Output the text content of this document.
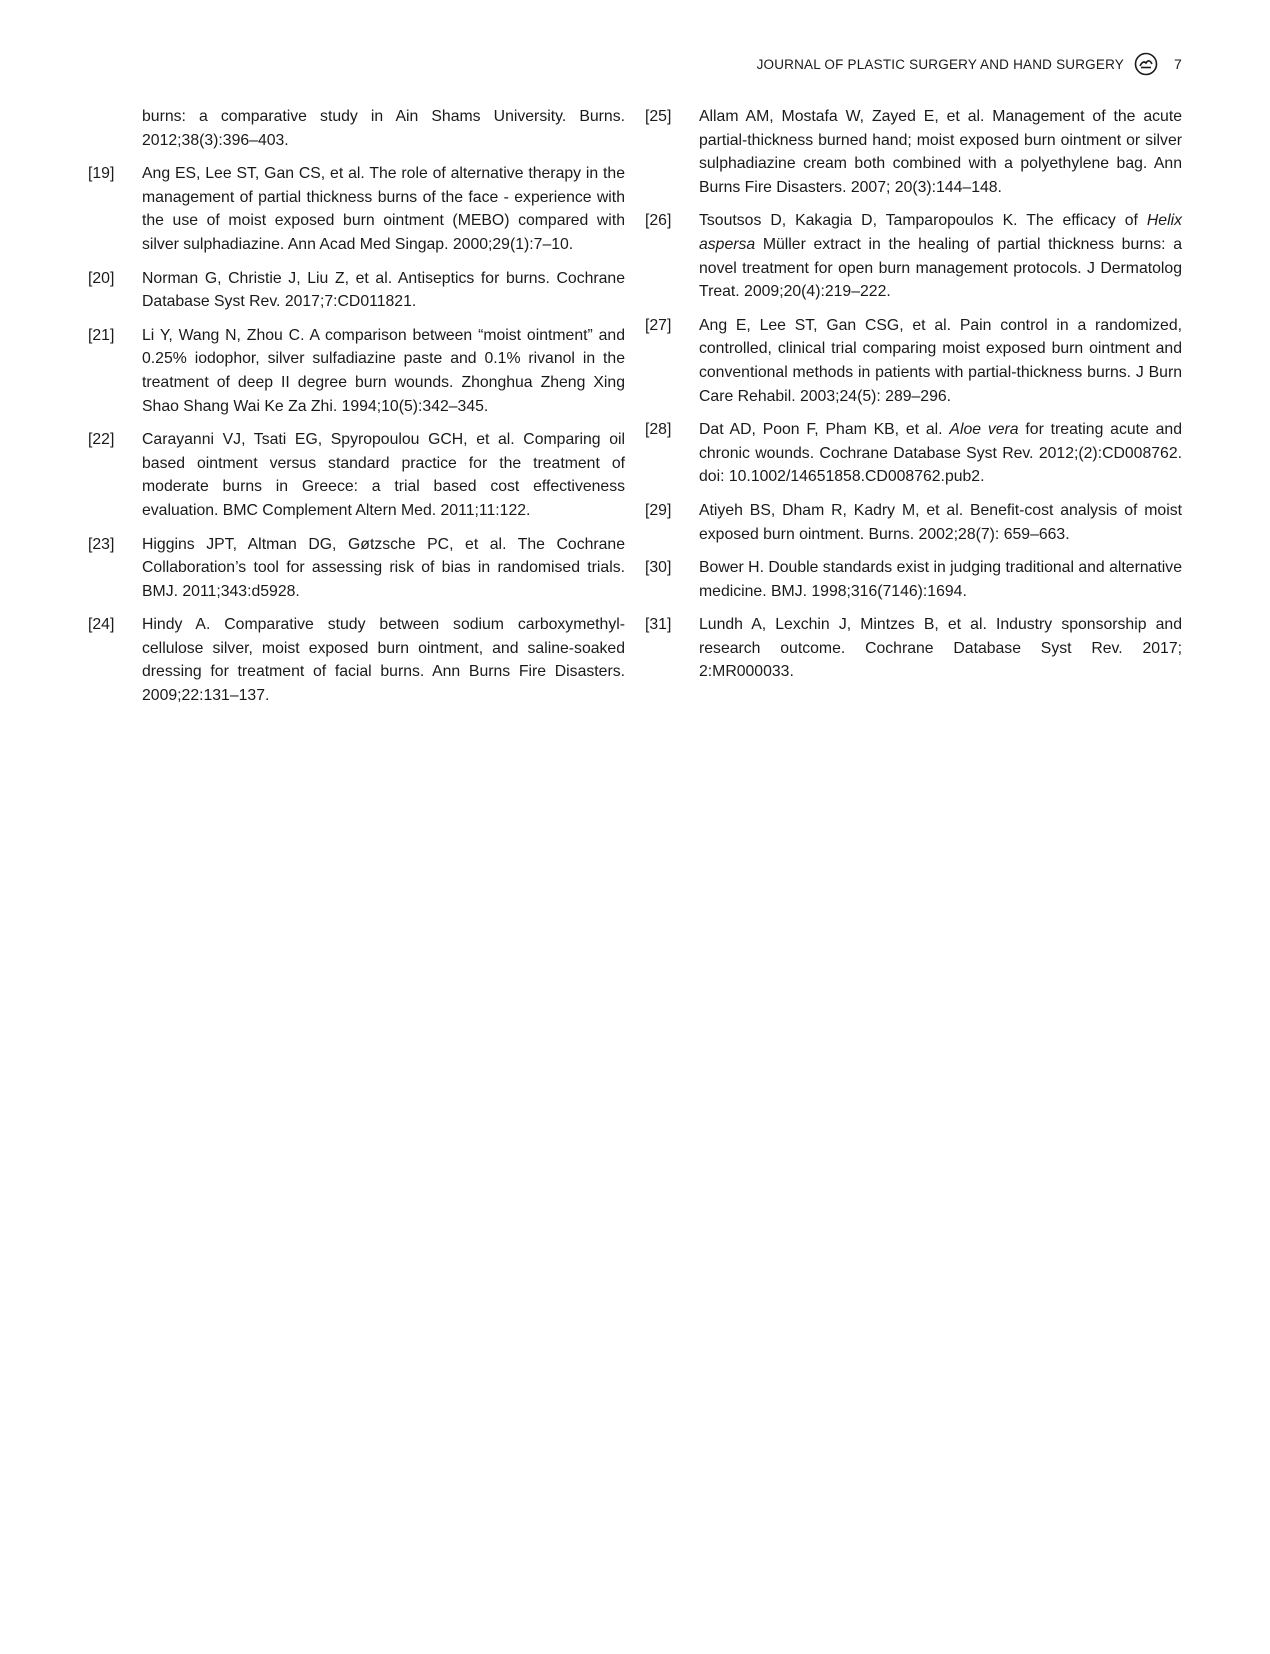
JOURNAL OF PLASTIC SURGERY AND HAND SURGERY	7
burns: a comparative study in Ain Shams University. Burns. 2012;38(3):396–403.
[19]	Ang ES, Lee ST, Gan CS, et al. The role of alternative therapy in the management of partial thickness burns of the face - experience with the use of moist exposed burn ointment (MEBO) compared with silver sulphadiazine. Ann Acad Med Singap. 2000;29(1):7–10.
[20]	Norman G, Christie J, Liu Z, et al. Antiseptics for burns. Cochrane Database Syst Rev. 2017;7:CD011821.
[21]	Li Y, Wang N, Zhou C. A comparison between “moist ointment” and 0.25% iodophor, silver sulfadiazine paste and 0.1% rivanol in the treatment of deep II degree burn wounds. Zhonghua Zheng Xing Shao Shang Wai Ke Za Zhi. 1994;10(5):342–345.
[22]	Carayanni VJ, Tsati EG, Spyropoulou GCH, et al. Comparing oil based ointment versus standard practice for the treatment of moderate burns in Greece: a trial based cost effectiveness evaluation. BMC Complement Altern Med. 2011;11:122.
[23]	Higgins JPT, Altman DG, Gøtzsche PC, et al. The Cochrane Collaboration’s tool for assessing risk of bias in randomised trials. BMJ. 2011;343:d5928.
[24]	Hindy A. Comparative study between sodium carboxymethyl-cellulose silver, moist exposed burn ointment, and saline-soaked dressing for treatment of facial burns. Ann Burns Fire Disasters. 2009;22:131–137.
[25]	Allam AM, Mostafa W, Zayed E, et al. Management of the acute partial-thickness burned hand; moist exposed burn ointment or silver sulphadiazine cream both combined with a polyethylene bag. Ann Burns Fire Disasters. 2007; 20(3):144–148.
[26]	Tsoutsos D, Kakagia D, Tamparopoulos K. The efficacy of Helix aspersa Müller extract in the healing of partial thickness burns: a novel treatment for open burn management protocols. J Dermatolog Treat. 2009;20(4):219–222.
[27]	Ang E, Lee ST, Gan CSG, et al. Pain control in a randomized, controlled, clinical trial comparing moist exposed burn ointment and conventional methods in patients with partial-thickness burns. J Burn Care Rehabil. 2003;24(5): 289–296.
[28]	Dat AD, Poon F, Pham KB, et al. Aloe vera for treating acute and chronic wounds. Cochrane Database Syst Rev. 2012;(2):CD008762. doi: 10.1002/14651858.CD008762.pub2.
[29]	Atiyeh BS, Dham R, Kadry M, et al. Benefit-cost analysis of moist exposed burn ointment. Burns. 2002;28(7): 659–663.
[30]	Bower H. Double standards exist in judging traditional and alternative medicine. BMJ. 1998;316(7146):1694.
[31]	Lundh A, Lexchin J, Mintzes B, et al. Industry sponsorship and research outcome. Cochrane Database Syst Rev. 2017; 2:MR000033.
